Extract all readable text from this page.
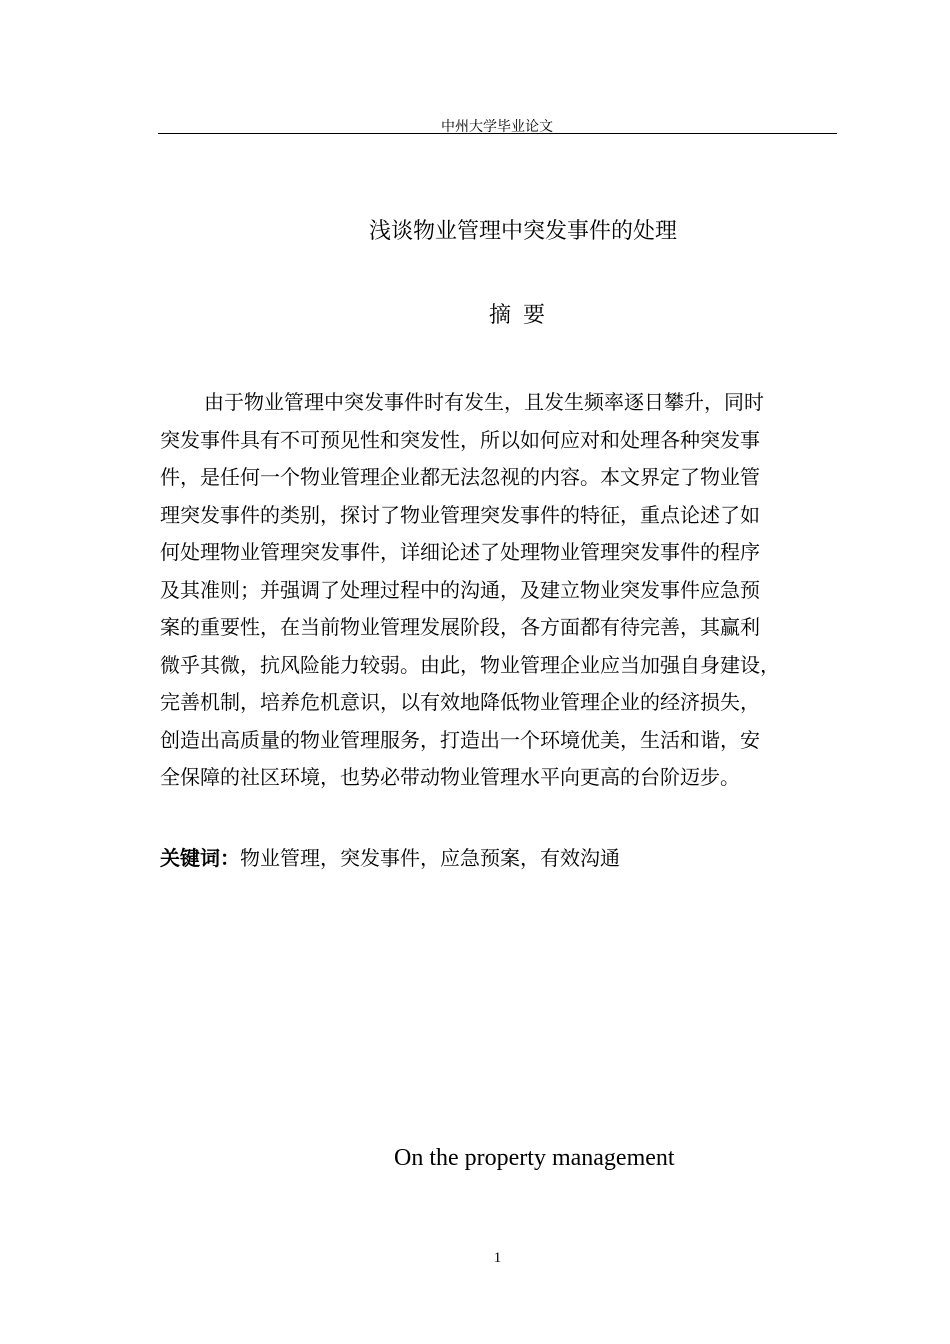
中州大学毕业论文
浅谈物业管理中突发事件的处理
摘要
由于物业管理中突发事件时有发生，且发生频率逐日攀升，同时
突发事件具有不可预见性和突发性，所以如何应对和处理各种突发事
件，是任何一个物业管理企业都无法忽视的内容。本文界定了物业管
理突发事件的类别，探讨了物业管理突发事件的特征，重点论述了如
何处理物业管理突发事件，详细论述了处理物业管理突发事件的程序
及其准则；并强调了处理过程中的沟通，及建立物业突发事件应急预
案的重要性，在当前物业管理发展阶段，各方面都有待完善，其赢利
微乎其微，抗风险能力较弱。由此，物业管理企业应当加强自身建设，
完善机制，培养危机意识，以有效地降低物业管理企业的经济损失，
创造出高质量的物业管理服务，打造出一个环境优美，生活和谐，安
全保障的社区环境，也势必带动物业管理水平向更高的台阶迈步。
关键词：物业管理，突发事件，应急预案，有效沟通
On the property management
1
